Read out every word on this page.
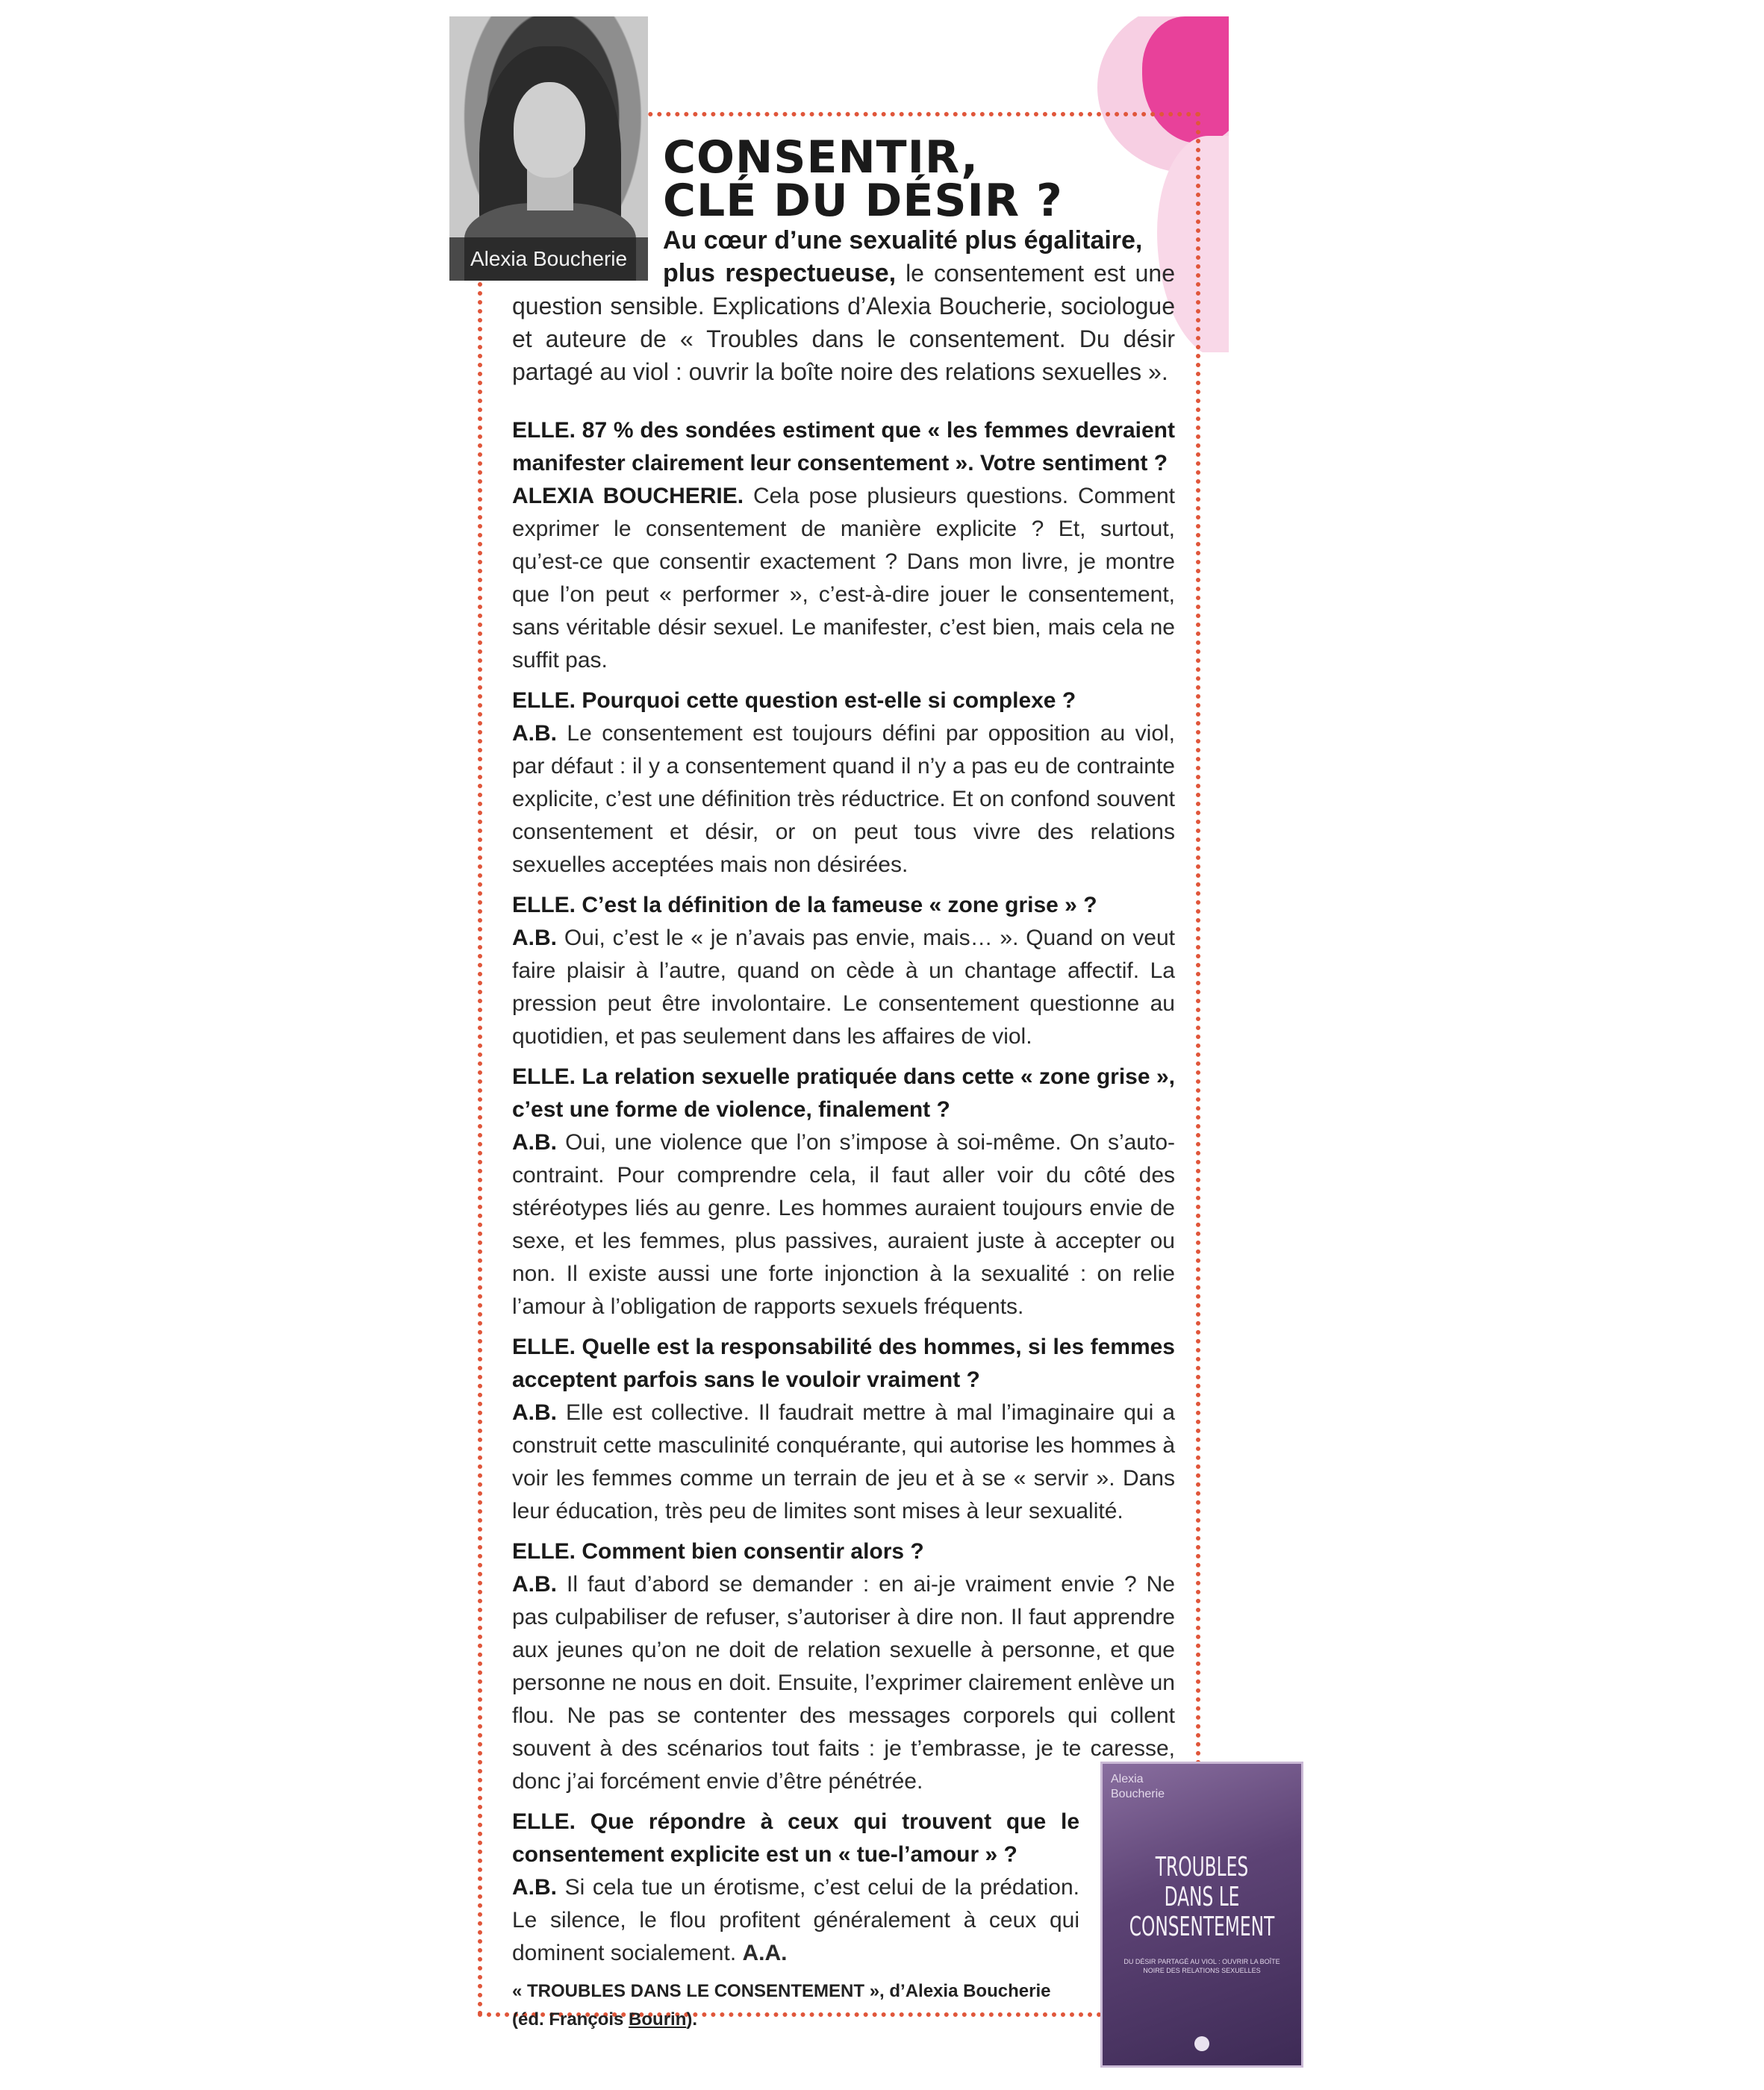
Alexia Boucherie
CONSENTIR,
CLÉ DU DÉSIR ?

Au cœur d’une sexualité plus égalitaire,
plus respectueuse, le consentement est une question sensible. Explications d’Alexia Boucherie, sociologue et auteure de « Troubles dans le consentement. Du désir partagé au viol : ouvrir la boîte noire des relations sexuelles ».

ELLE. 87 % des sondées estiment que « les femmes devraient manifester clairement leur consentement ». Votre sentiment ?
ALEXIA BOUCHERIE. Cela pose plusieurs questions. Comment exprimer le consentement de manière explicite ? Et, surtout, qu’est-ce que consentir exactement ? Dans mon livre, je montre que l’on peut « performer », c’est-à-dire jouer le consentement, sans véritable désir sexuel. Le manifester, c’est bien, mais cela ne suffit pas.

ELLE. Pourquoi cette question est-elle si complexe ?
A.B. Le consentement est toujours défini par opposition au viol, par défaut : il y a consentement quand il n’y a pas eu de contrainte explicite, c’est une définition très réductrice. Et on confond souvent consentement et désir, or on peut tous vivre des relations sexuelles acceptées mais non désirées.

ELLE. C’est la définition de la fameuse « zone grise » ?
A.B. Oui, c’est le « je n’avais pas envie, mais… ». Quand on veut faire plaisir à l’autre, quand on cède à un chantage affectif. La pression peut être involontaire. Le consentement questionne au quotidien, et pas seulement dans les affaires de viol.

ELLE. La relation sexuelle pratiquée dans cette « zone grise », c’est une forme de violence, finalement ?
A.B. Oui, une violence que l’on s’impose à soi-même. On s’auto-contraint. Pour comprendre cela, il faut aller voir du côté des stéréotypes liés au genre. Les hommes auraient toujours envie de sexe, et les femmes, plus passives, auraient juste à accepter ou non. Il existe aussi une forte injonction à la sexualité : on relie l’amour à l’obligation de rapports sexuels fréquents.

ELLE. Quelle est la responsabilité des hommes, si les femmes acceptent parfois sans le vouloir vraiment ?
A.B. Elle est collective. Il faudrait mettre à mal l’imaginaire qui a construit cette masculinité conquérante, qui autorise les hommes à voir les femmes comme un terrain de jeu et à se « servir ». Dans leur éducation, très peu de limites sont mises à leur sexualité.

ELLE. Comment bien consentir alors ?
A.B. Il faut d’abord se demander : en ai-je vraiment envie ? Ne pas culpabiliser de refuser, s’autoriser à dire non. Il faut apprendre aux jeunes qu’on ne doit de relation sexuelle à personne, et que personne ne nous en doit. Ensuite, l’exprimer clairement enlève un flou. Ne pas se contenter des messages corporels qui collent souvent à des scénarios tout faits : je t’embrasse, je te caresse, donc j’ai forcément envie d’être pénétrée.

ELLE. Que répondre à ceux qui trouvent que le consentement explicite est un « tue-l’amour » ?
A.B. Si cela tue un érotisme, c’est celui de la prédation. Le silence, le flou profitent généralement à ceux qui dominent socialement. A.A.

« TROUBLES DANS LE CONSENTEMENT », d’Alexia Boucherie
(éd. François Bourin).
Alexia Boucherie
TROUBLES
DANS LE
CONSENTEMENT
DU DÉSIR PARTAGÉ AU VIOL : OUVRIR LA BOÎTE NOIRE DES RELATIONS SEXUELLES
